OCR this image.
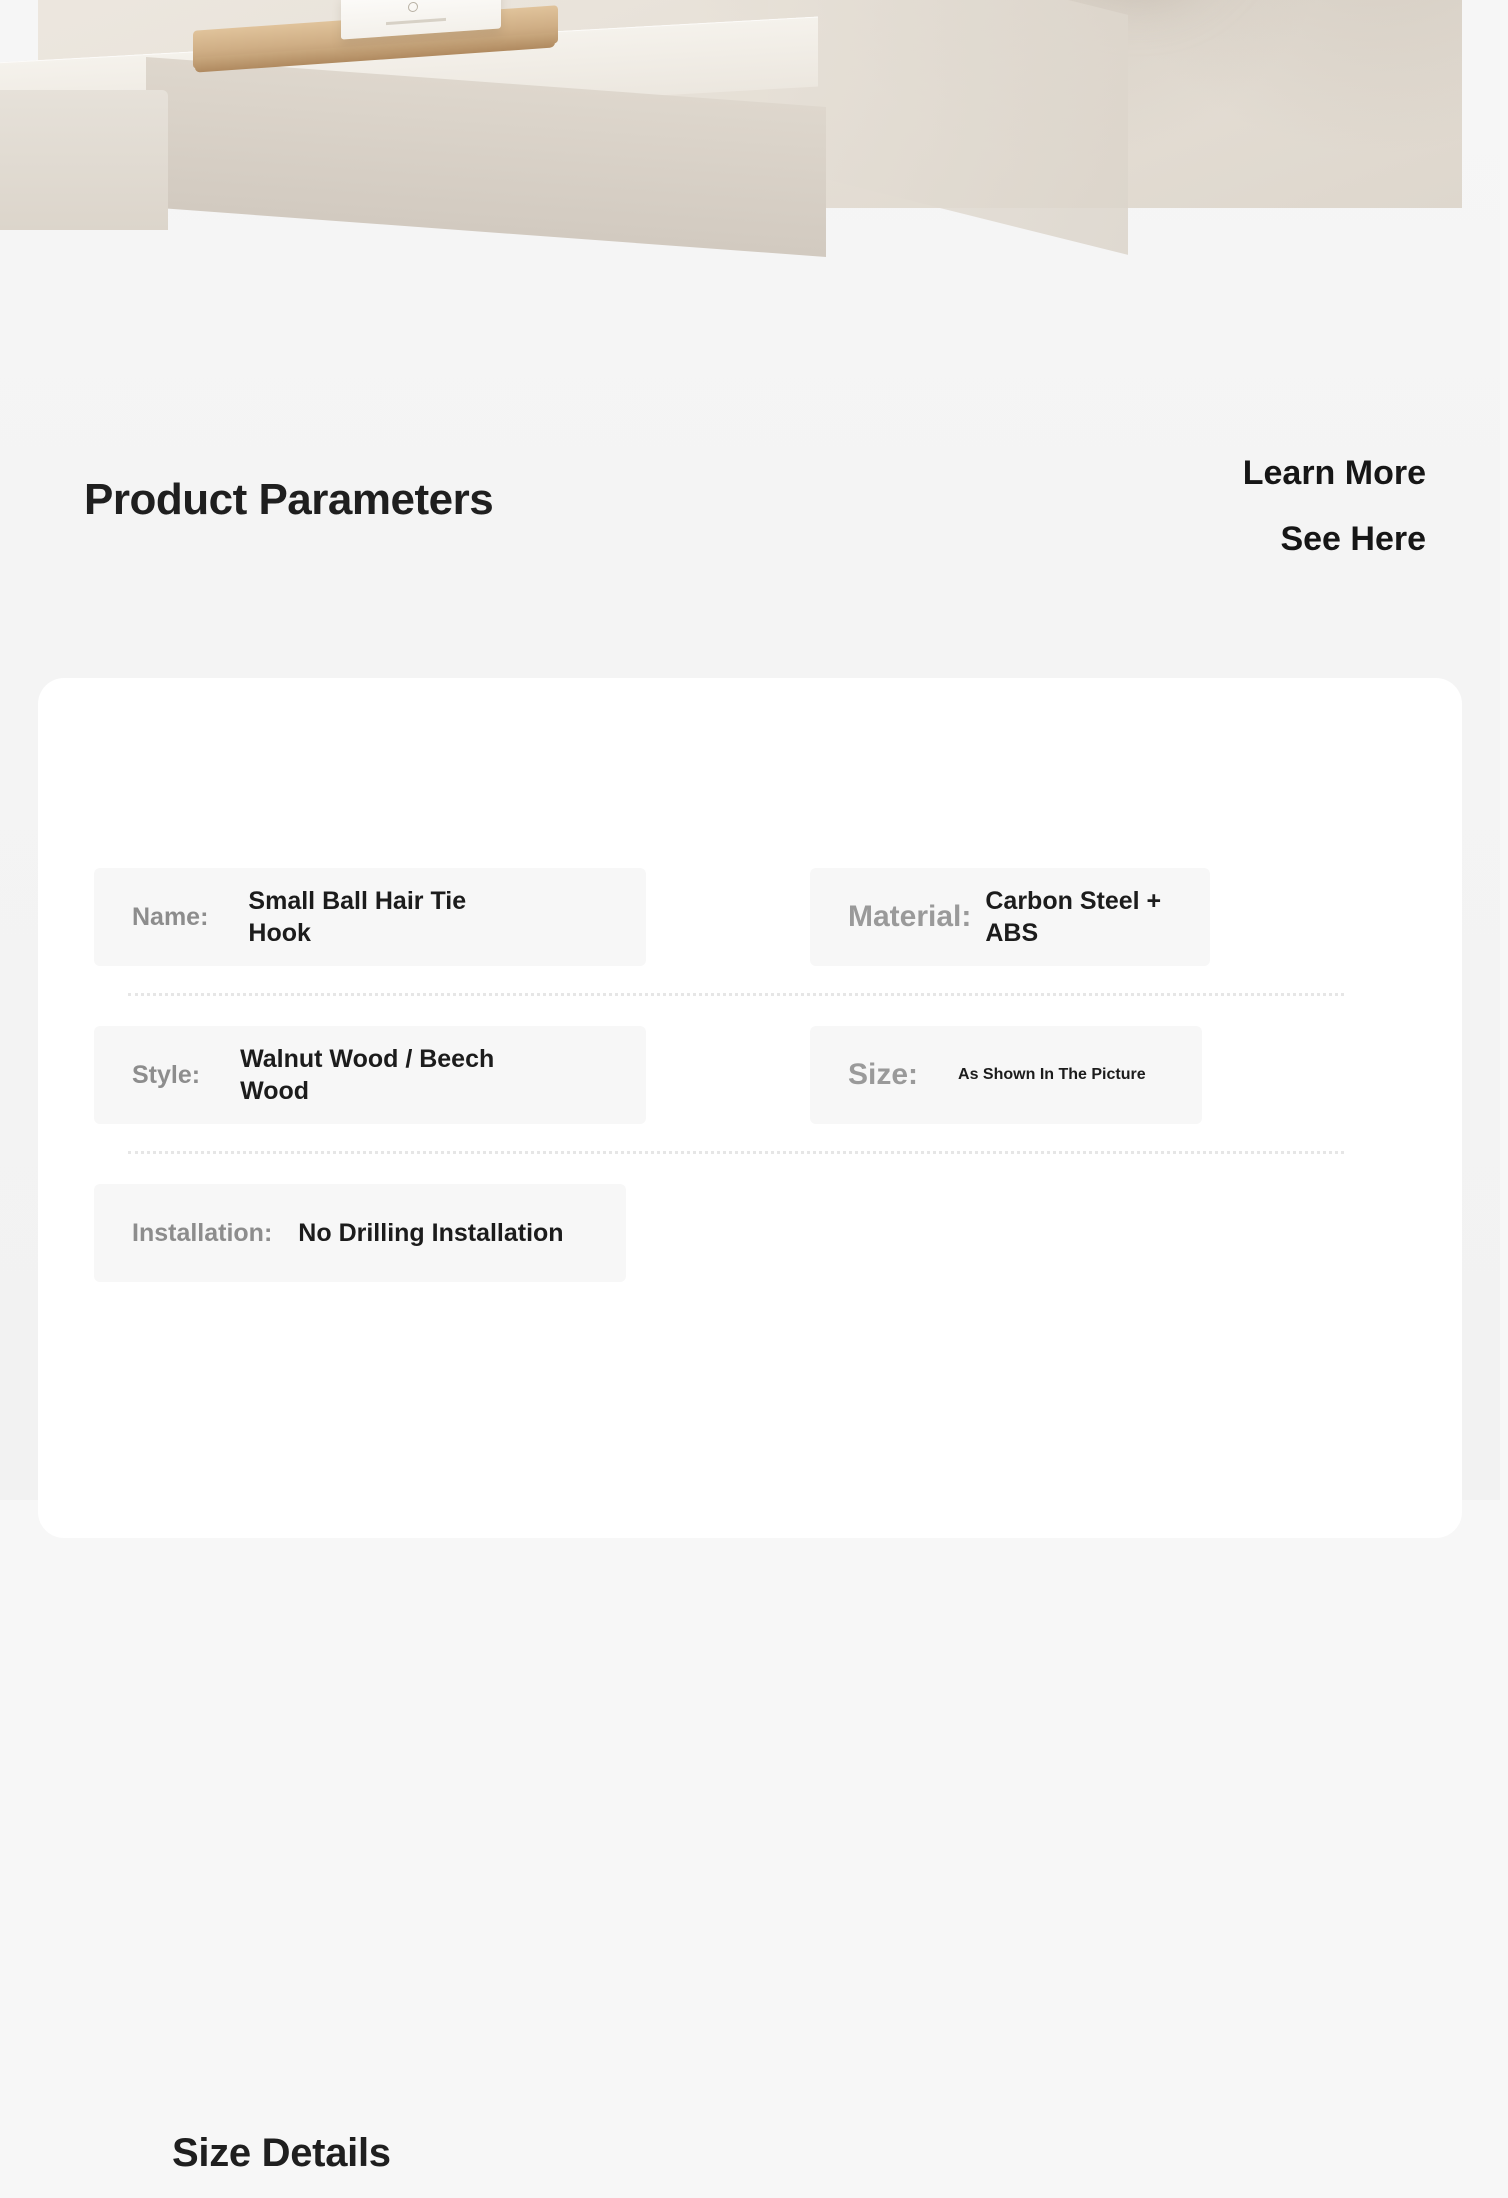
Product Parameters
Learn More
See Here
Name:
Small Ball Hair Tie Hook	Material: Carbon Steel + ABS
Style:
Walnut Wood / Beech Wood	Size:	As Shown In The Picture
Installation: No Drilling Installation
Size Details
